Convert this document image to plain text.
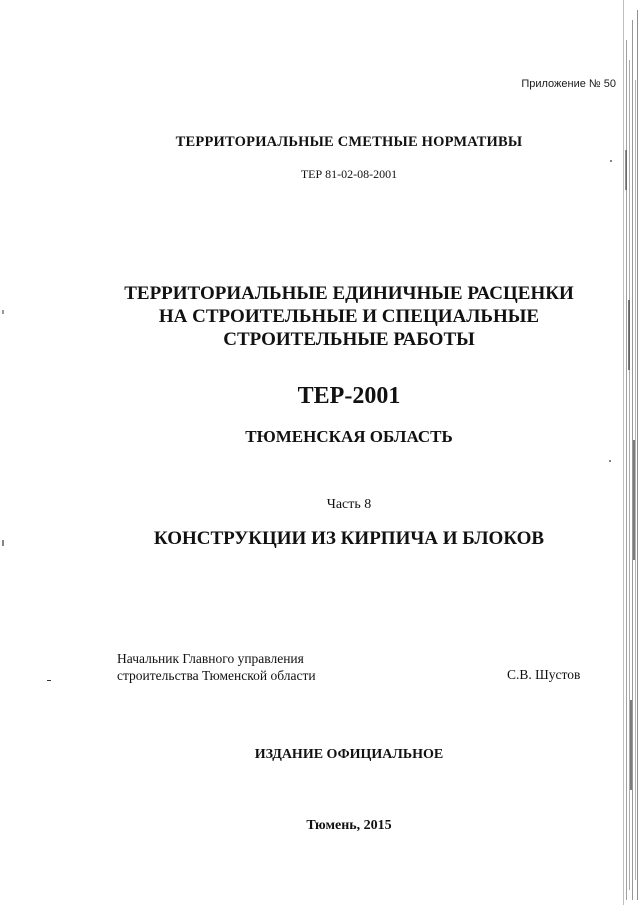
Приложение № 50
ТЕРРИТОРИАЛЬНЫЕ СМЕТНЫЕ НОРМАТИВЫ
ТЕР 81-02-08-2001
ТЕРРИТОРИАЛЬНЫЕ ЕДИНИЧНЫЕ РАСЦЕНКИ
НА СТРОИТЕЛЬНЫЕ И СПЕЦИАЛЬНЫЕ
СТРОИТЕЛЬНЫЕ РАБОТЫ
ТЕР-2001
ТЮМЕНСКАЯ ОБЛАСТЬ
Часть 8
КОНСТРУКЦИИ ИЗ КИРПИЧА И БЛОКОВ
Начальник Главного управления
строительства Тюменской области	С.В. Шустов
ИЗДАНИЕ ОФИЦИАЛЬНОЕ
Тюмень, 2015
